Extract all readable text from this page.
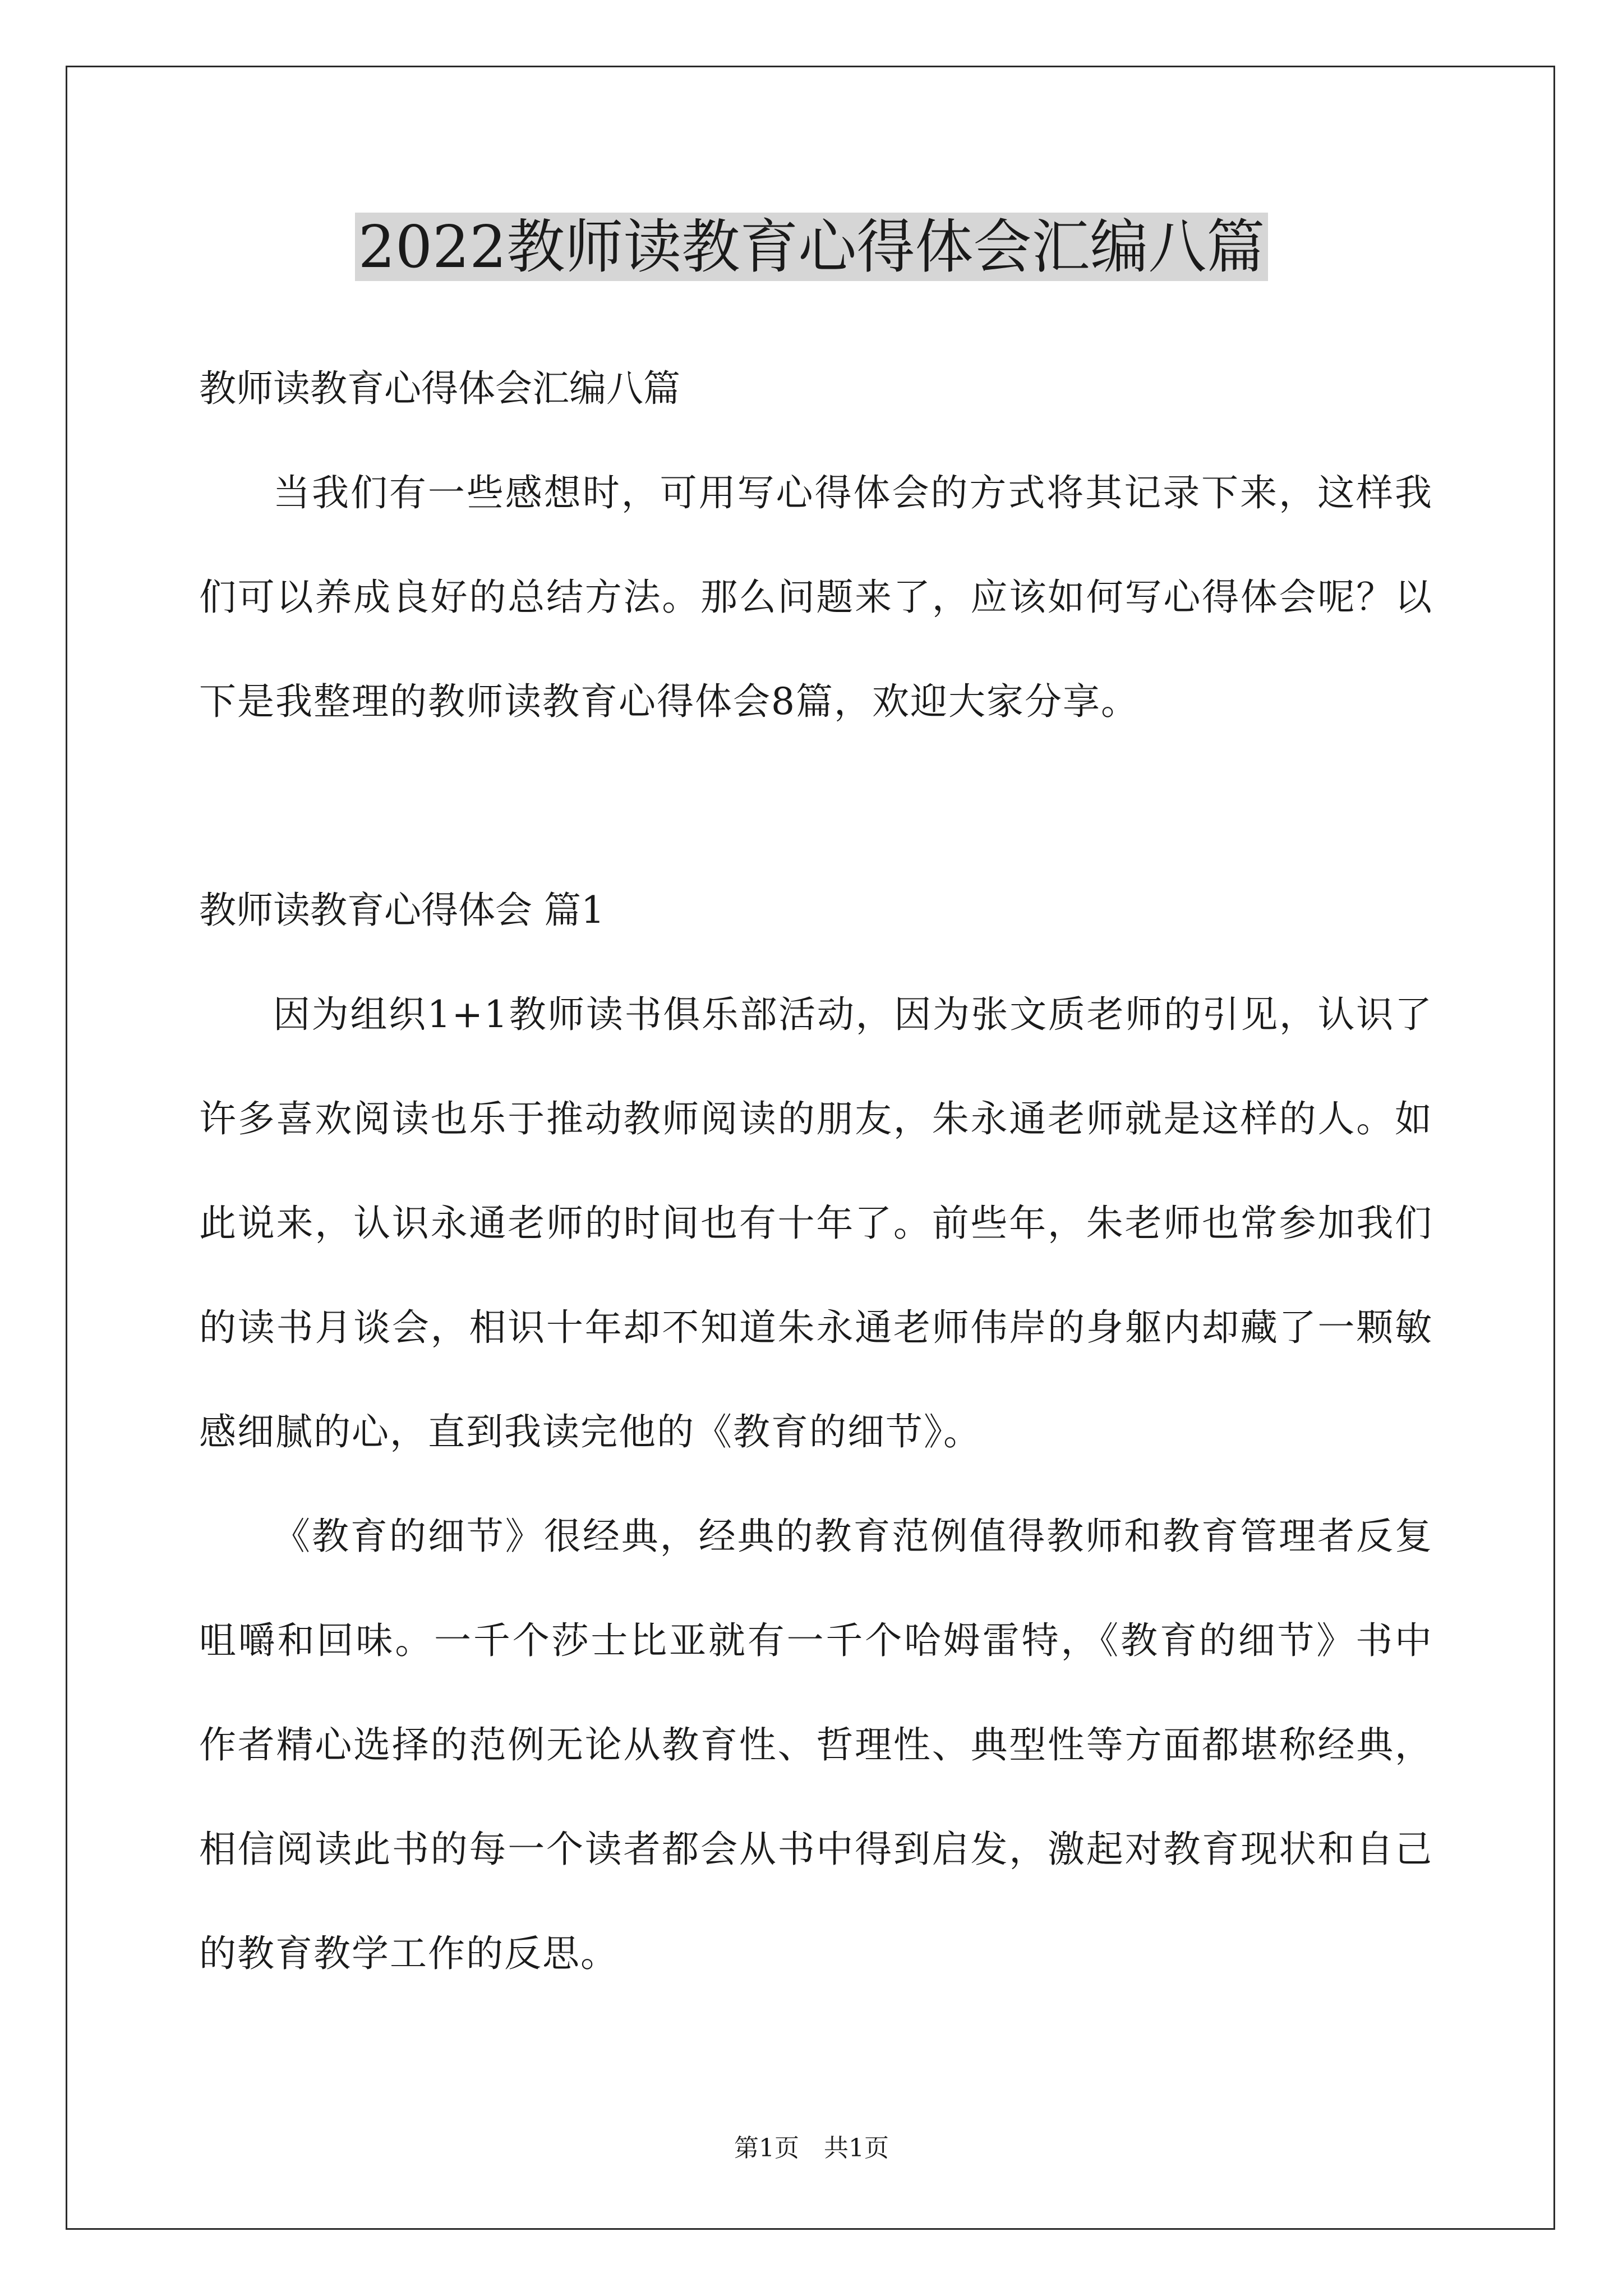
2022教师读教育心得体会汇编八篇

教师读教育心得体会汇编八篇

当我们有一些感想时，可用写心得体会的方式将其记录下来，这样我们可以养成良好的总结方法。那么问题来了，应该如何写心得体会呢？以下是我整理的教师读教育心得体会8篇，欢迎大家分享。

教师读教育心得体会 篇1

因为组织1+1教师读书俱乐部活动，因为张文质老师的引见，认识了许多喜欢阅读也乐于推动教师阅读的朋友，朱永通老师就是这样的人。如此说来，认识永通老师的时间也有十年了。前些年，朱老师也常参加我们的读书月谈会，相识十年却不知道朱永通老师伟岸的身躯内却藏了一颗敏感细腻的心，直到我读完他的《教育的细节》。

《教育的细节》很经典，经典的教育范例值得教师和教育管理者反复咀嚼和回味。一千个莎士比亚就有一千个哈姆雷特，《教育的细节》书中作者精心选择的范例无论从教育性、哲理性、典型性等方面都堪称经典，相信阅读此书的每一个读者都会从书中得到启发，激起对教育现状和自己的教育教学工作的反思。

第1页 共1页
